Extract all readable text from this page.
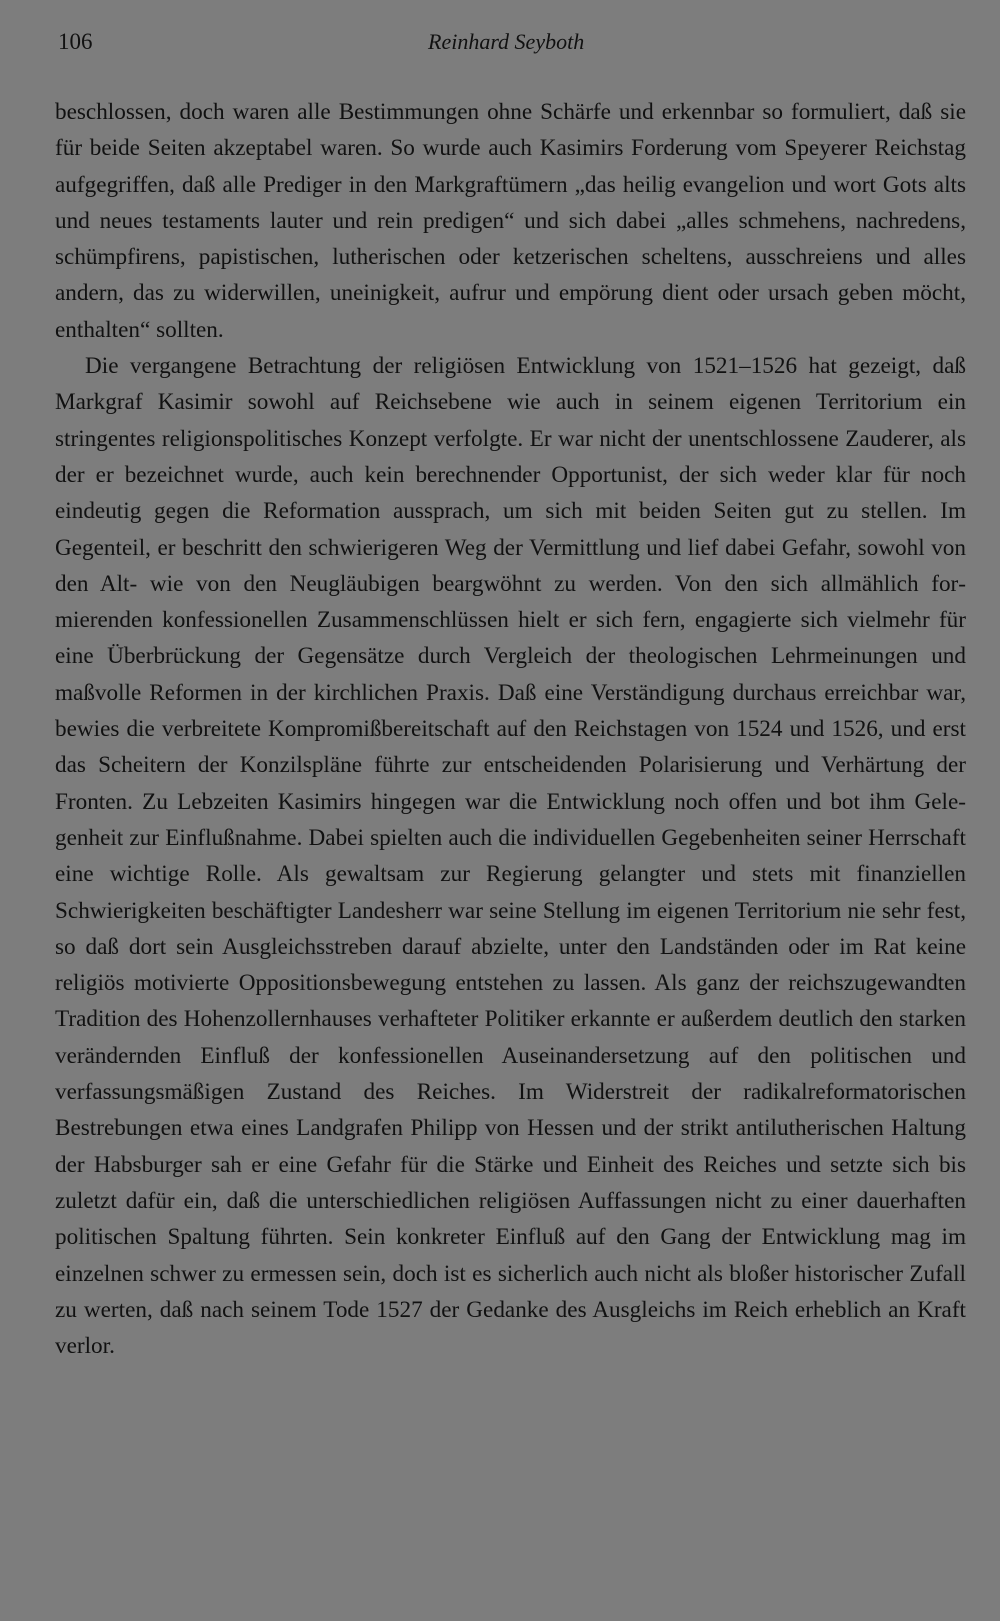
106	Reinhard Seyboth

beschlossen, doch waren alle Bestimmungen ohne Schärfe und erkennbar so formuliert, daß sie für beide Seiten akzeptabel waren. So wurde auch Kasimirs Forderung vom Speyerer Reichstag aufgegriffen, daß alle Prediger in den Markgraftümern „das heilig evangelion und wort Gots alts und neues testaments lauter und rein predigen“ und sich dabei „alles schmehens, nachredens, schümpfirens, papistischen, lutherischen oder ketzerischen scheltens, ausschreiens und alles andern, das zu widerwillen, uneinigkeit, aufrur und empörung dient oder ursach geben möcht, enthalten“ sollten.

Die vergangene Betrachtung der religiösen Entwicklung von 1521–1526 hat gezeigt, daß Markgraf Kasimir sowohl auf Reichsebene wie auch in seinem eigenen Territorium ein stringentes religionspolitisches Konzept verfolgte. Er war nicht der unentschlossene Zauderer, als der er bezeichnet wurde, auch kein berechnender Opportunist, der sich weder klar für noch eindeutig gegen die Reformation aussprach, um sich mit beiden Seiten gut zu stellen. Im Gegenteil, er beschritt den schwierigeren Weg der Vermittlung und lief dabei Gefahr, sowohl von den Alt- wie von den Neugläubigen beargwöhnt zu werden. Von den sich allmählich formierenden konfessionellen Zusammenschlüssen hielt er sich fern, engagierte sich vielmehr für eine Überbrückung der Gegensätze durch Vergleich der theologischen Lehrmeinungen und maßvolle Reformen in der kirchlichen Praxis. Daß eine Verständigung durchaus erreichbar war, bewies die verbreitete Kompromißbereitschaft auf den Reichstagen von 1524 und 1526, und erst das Scheitern der Konzilspläne führte zur entscheidenden Polarisierung und Verhärtung der Fronten. Zu Lebzeiten Kasimirs hingegen war die Entwicklung noch offen und bot ihm Gelegenheit zur Einflußnahme. Dabei spielten auch die individuellen Gegebenheiten seiner Herrschaft eine wichtige Rolle. Als gewaltsam zur Regierung gelangter und stets mit finanziellen Schwierigkeiten beschäftigter Landesherr war seine Stellung im eigenen Territorium nie sehr fest, so daß dort sein Ausgleichsstreben darauf abzielte, unter den Landständen oder im Rat keine religiös motivierte Oppositionsbewegung entstehen zu lassen. Als ganz der reichszugewandten Tradition des Hohenzollernhauses verhafteter Politiker erkannte er außerdem deutlich den starken verändernden Einfluß der konfessionellen Auseinandersetzung auf den politischen und verfassungsmäßigen Zustand des Reiches. Im Widerstreit der radikalreformatorischen Bestrebungen etwa eines Landgrafen Philipp von Hessen und der strikt antilutherischen Haltung der Habsburger sah er eine Gefahr für die Stärke und Einheit des Reiches und setzte sich bis zuletzt dafür ein, daß die unterschiedlichen religiösen Auffassungen nicht zu einer dauerhaften politischen Spaltung führten. Sein konkreter Einfluß auf den Gang der Entwicklung mag im einzelnen schwer zu ermessen sein, doch ist es sicherlich auch nicht als bloßer historischer Zufall zu werten, daß nach seinem Tode 1527 der Gedanke des Ausgleichs im Reich erheblich an Kraft verlor.
